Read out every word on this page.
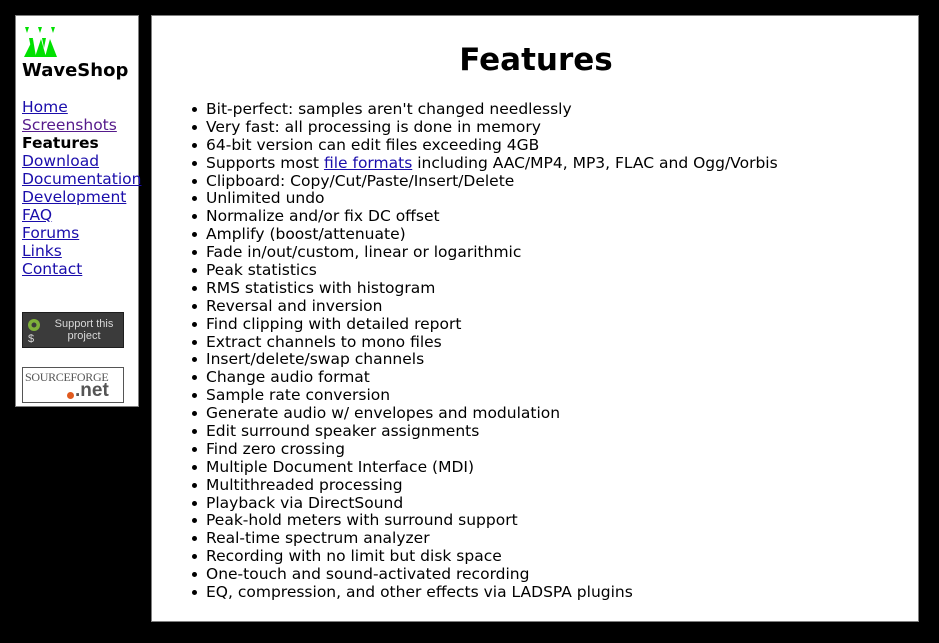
WaveShop
Home
Screenshots
Features
Download
Documentation
Development
FAQ
Forums
Links
Contact
$
Support this
project
SOURCEFORGE
.net
Features
Bit-perfect: samples aren't changed needlessly
Very fast: all processing is done in memory
64-bit version can edit files exceeding 4GB
Supports most file formats including AAC/MP4, MP3, FLAC and Ogg/Vorbis
Clipboard: Copy/Cut/Paste/Insert/Delete
Unlimited undo
Normalize and/or fix DC offset
Amplify (boost/attenuate)
Fade in/out/custom, linear or logarithmic
Peak statistics
RMS statistics with histogram
Reversal and inversion
Find clipping with detailed report
Extract channels to mono files
Insert/delete/swap channels
Change audio format
Sample rate conversion
Generate audio w/ envelopes and modulation
Edit surround speaker assignments
Find zero crossing
Multiple Document Interface (MDI)
Multithreaded processing
Playback via DirectSound
Peak-hold meters with surround support
Real-time spectrum analyzer
Recording with no limit but disk space
One-touch and sound-activated recording
EQ, compression, and other effects via LADSPA plugins
